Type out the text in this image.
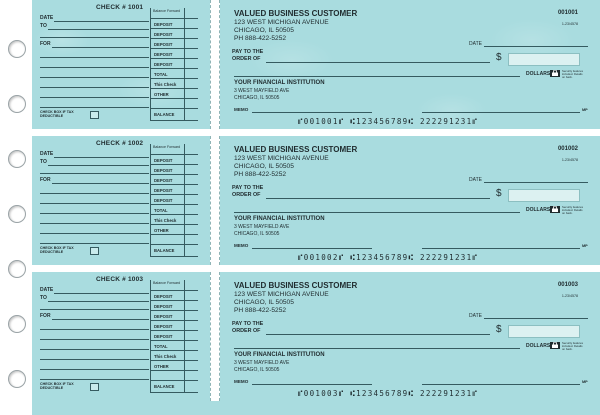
CHECK # 1001
DATE
TO
FOR
Balance Forward
DEPOSIT
DEPOSIT
DEPOSIT
DEPOSIT
DEPOSIT
TOTAL
This Check
OTHER
BALANCE
CHECK BOX IF TAX DEDUCTIBLE
VALUED BUSINESS CUSTOMER
123 WEST MICHIGAN AVENUE
CHICAGO, IL 50505
PH 888-422-5252
001001
1-23/4578
DATE
PAY TO THE ORDER OF	$
DOLLARS	Security features included. Details on back.
YOUR FINANCIAL INSTITUTION
3 WEST MAYFIELD AVE
CHICAGO, IL 50505
MEMO	MP
⑈001001⑈ ⑆123456789⑆ 222291231⑈
CHECK # 1002
DATE
TO
FOR
Balance Forward
DEPOSIT
DEPOSIT
DEPOSIT
DEPOSIT
DEPOSIT
TOTAL
This Check
OTHER
BALANCE
CHECK BOX IF TAX DEDUCTIBLE
VALUED BUSINESS CUSTOMER
123 WEST MICHIGAN AVENUE
CHICAGO, IL 50505
PH 888-422-5252
001002
1-23/4578
DATE
PAY TO THE ORDER OF	$
DOLLARS	Security features included. Details on back.
YOUR FINANCIAL INSTITUTION
3 WEST MAYFIELD AVE
CHICAGO, IL 50505
MEMO	MP
⑈001002⑈ ⑆123456789⑆ 222291231⑈
CHECK # 1003
DATE
TO
FOR
Balance Forward
DEPOSIT
DEPOSIT
DEPOSIT
DEPOSIT
DEPOSIT
TOTAL
This Check
OTHER
BALANCE
CHECK BOX IF TAX DEDUCTIBLE
VALUED BUSINESS CUSTOMER
123 WEST MICHIGAN AVENUE
CHICAGO, IL 50505
PH 888-422-5252
001003
1-23/4578
DATE
PAY TO THE ORDER OF	$
DOLLARS	Security features included. Details on back.
YOUR FINANCIAL INSTITUTION
3 WEST MAYFIELD AVE
CHICAGO, IL 50505
MEMO	MP
⑈001003⑈ ⑆123456789⑆ 222291231⑈
